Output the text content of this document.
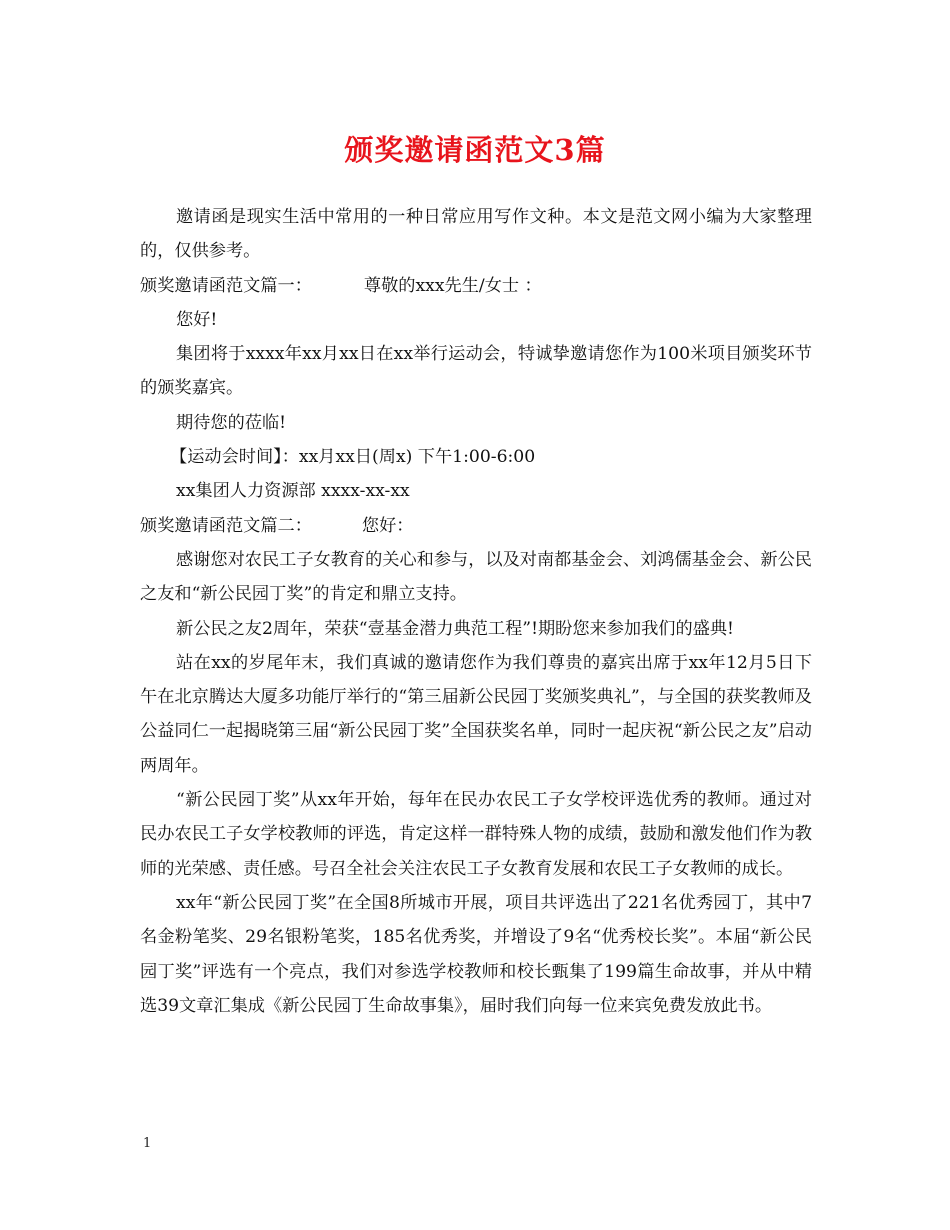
颁奖邀请函范文3篇

邀请函是现实生活中常用的一种日常应用写作文种。本文是范文网小编为大家整理的，仅供参考。

颁奖邀请函范文篇一：	尊敬的xxx先生/女士 ：

您好!

集团将于xxxx年xx月xx日在xx举行运动会，特诚挚邀请您作为100米项目颁奖环节的颁奖嘉宾。

期待您的莅临!

【运动会时间】：xx月xx日(周x) 下午1:00-6:00

xx集团人力资源部 xxxx-xx-xx

颁奖邀请函范文篇二：	您好：

感谢您对农民工子女教育的关心和参与，以及对南都基金会、刘鸿儒基金会、新公民之友和“新公民园丁奖”的肯定和鼎立支持。

新公民之友2周年，荣获“壹基金潜力典范工程”!期盼您来参加我们的盛典!

站在xx的岁尾年末，我们真诚的邀请您作为我们尊贵的嘉宾出席于xx年12月5日下午在北京腾达大厦多功能厅举行的“第三届新公民园丁奖颁奖典礼”，与全国的获奖教师及公益同仁一起揭晓第三届“新公民园丁奖”全国获奖名单，同时一起庆祝“新公民之友”启动两周年。

“新公民园丁奖”从xx年开始，每年在民办农民工子女学校评选优秀的教师。通过对民办农民工子女学校教师的评选，肯定这样一群特殊人物的成绩，鼓励和激发他们作为教师的光荣感、责任感。号召全社会关注农民工子女教育发展和农民工子女教师的成长。

xx年“新公民园丁奖”在全国8所城市开展，项目共评选出了221名优秀园丁，其中7名金粉笔奖、29名银粉笔奖，185名优秀奖，并增设了9名“优秀校长奖”。本届“新公民园丁奖”评选有一个亮点，我们对参选学校教师和校长甄集了199篇生命故事，并从中精选39文章汇集成《新公民园丁生命故事集》，届时我们向每一位来宾免费发放此书。

1
